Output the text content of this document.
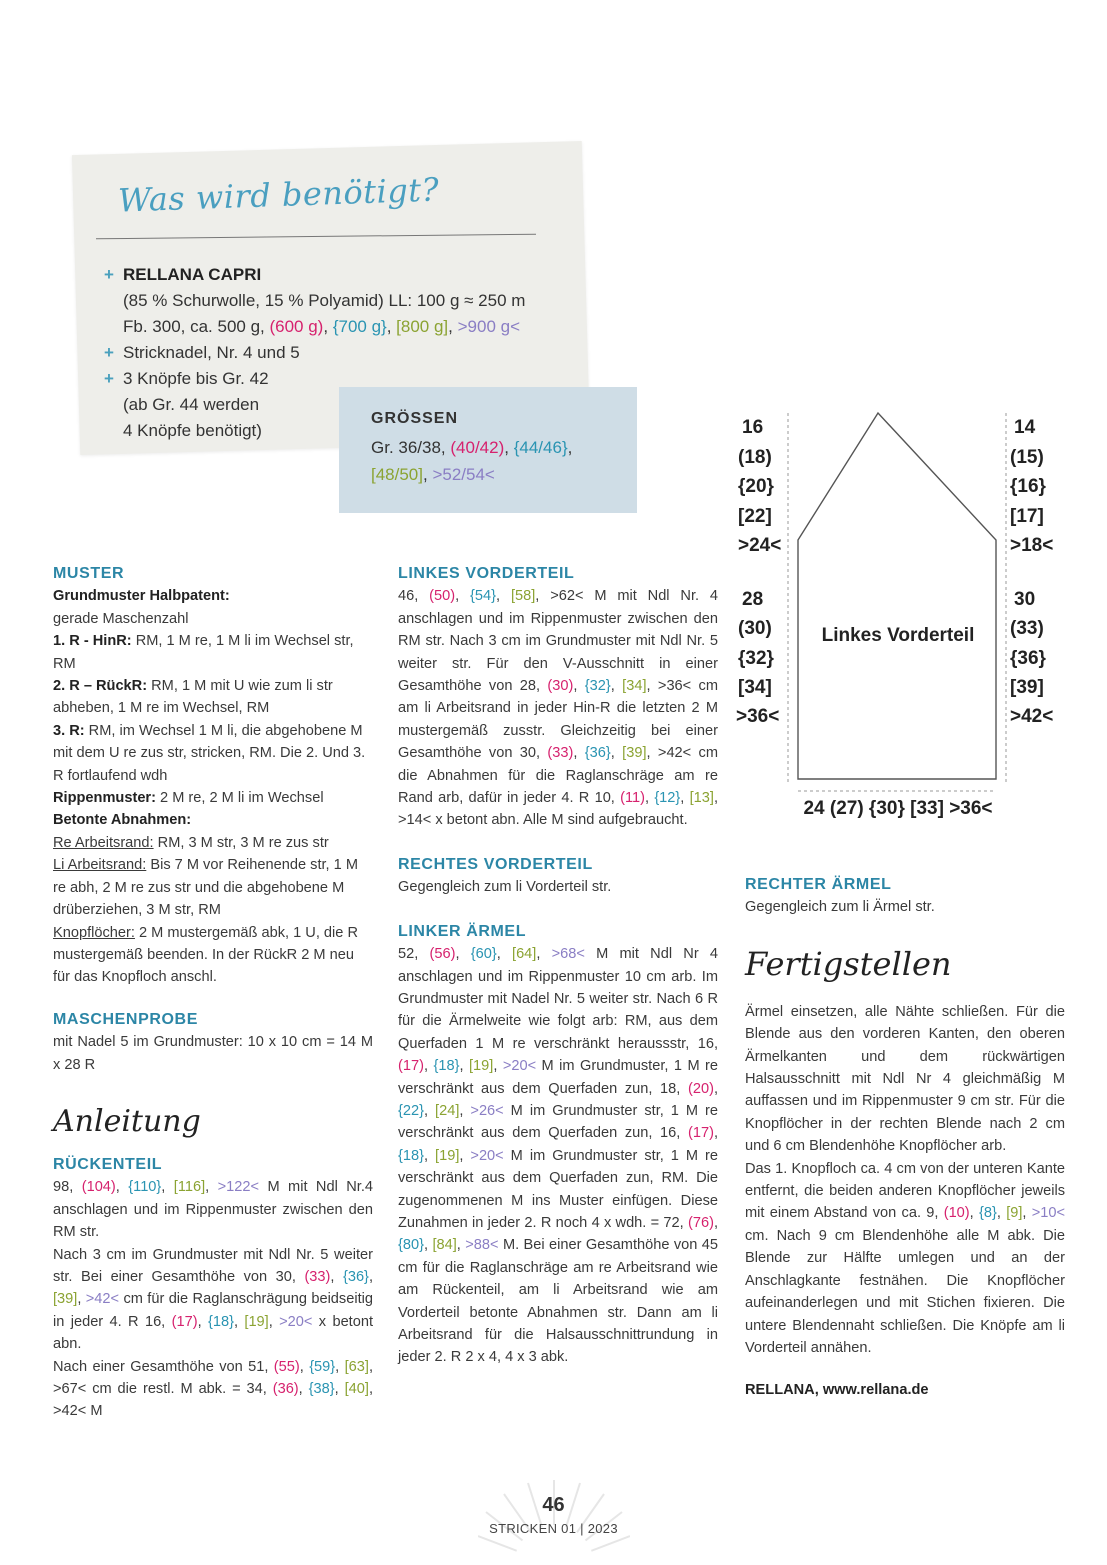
Was wird benötigt?
+ RELLANA CAPRI
(85 % Schurwolle, 15 % Polyamid) LL: 100 g ≈ 250 m
Fb. 300, ca. 500 g, (600 g), {700 g}, [800 g], >900 g<
+ Stricknadel, Nr. 4 und 5
+ 3 Knöpfe bis Gr. 42
(ab Gr. 44 werden
4 Knöpfe benötigt)
GRÖSSEN
Gr. 36/38, (40/42), {44/46},
[48/50], >52/54<
Linkes Vorderteil
16
(18)
{20}
[22]
>24<
28
(30)
{32}
[34]
>36<
14
(15)
{16}
[17]
>18<
30
(33)
{36}
[39]
>42<
24 (27) {30} [33] >36<

MUSTER

Grundmuster Halbpatent:

gerade Maschenzahl

1. R - HinR: RM, 1 M re, 1 M li im Wechsel str, RM

2. R – RückR: RM, 1 M mit U wie zum li str abheben, 1 M re im Wechsel, RM

3. R: RM, im Wechsel 1 M li, die abgehobene M mit dem U re zus str, stricken, RM. Die 2. Und 3. R fortlaufend wdh

Rippenmuster: 2 M re, 2 M li im Wechsel

Betonte Abnahmen:

Re Arbeitsrand: RM, 3 M str, 3 M re zus str

Li Arbeitsrand: Bis 7 M vor Reihenende str, 1 M re abh, 2 M re zus str und die abgehobene M drüberziehen, 3 M str, RM

Knopflöcher: 2 M mustergemäß abk, 1 U, die R mustergemäß beenden. In der RückR 2 M neu für das Knopfloch anschl.

MASCHENPROBE

mit Nadel 5 im Grundmuster: 10 x 10 cm = 14 M x 28 R

Anleitung

RÜCKENTEIL

98, (104), {110}, [116], >122< M mit Ndl Nr.4 anschlagen und im Rippenmuster zwischen den RM str.

Nach 3 cm im Grundmuster mit Ndl Nr. 5 weiter str. Bei einer Gesamthöhe von 30, (33), {36}, [39], >42< cm für die Raglanschrägung beidseitig in jeder 4. R 16, (17), {18}, [19], >20< x betont abn.

Nach einer Gesamthöhe von 51, (55), {59}, [63], >67< cm die restl. M abk. = 34, (36), {38}, [40], >42< M

LINKES VORDERTEIL

46, (50), {54}, [58], >62< M mit Ndl Nr. 4 anschlagen und im Rippenmuster zwischen den RM str. Nach 3 cm im Grundmuster mit Ndl Nr. 5 weiter str. Für den V-Ausschnitt in einer Gesamthöhe von 28, (30), {32}, [34], >36< cm am li Arbeitsrand in jeder Hin-R die letzten 2 M mustergemäß zusstr. Gleichzeitig bei einer Gesamthöhe von 30, (33), {36}, [39], >42< cm die Abnahmen für die Raglanschräge am re Rand arb, dafür in jeder 4. R 10, (11), {12}, [13], >14< x betont abn. Alle M sind aufgebraucht.

RECHTES VORDERTEIL

Gegengleich zum li Vorderteil str.

LINKER ÄRMEL

52, (56), {60}, [64], >68< M mit Ndl Nr 4 anschlagen und im Rippenmuster 10 cm arb. Im Grundmuster mit Nadel Nr. 5 weiter str. Nach 6 R für die Ärmelweite wie folgt arb: RM, aus dem Querfaden 1 M re verschränkt heraussstr, 16, (17), {18}, [19], >20< M im Grundmuster, 1 M re verschränkt aus dem Querfaden zun, 18, (20), {22}, [24], >26< M im Grundmuster str, 1 M re verschränkt aus dem Querfaden zun, 16, (17), {18}, [19], >20< M im Grundmuster str, 1 M re verschränkt aus dem Querfaden zun, RM. Die zugenommenen M ins Muster einfügen. Diese Zunahmen in jeder 2. R noch 4 x wdh. = 72, (76), {80}, [84], >88< M. Bei einer Gesamthöhe von 45 cm für die Raglanschräge am re Arbeitsrand wie am Rückenteil, am li Arbeitsrand wie am Vorderteil betonte Abnahmen str. Dann am li Arbeitsrand für die Halsausschnittrundung in jeder 2. R 2 x 4, 4 x 3 abk.

RECHTER ÄRMEL

Gegengleich zum li Ärmel str.

Fertigstellen

Ärmel einsetzen, alle Nähte schließen. Für die Blende aus den vorderen Kanten, den oberen Ärmelkanten und dem rückwärtigen Halsausschnitt mit Ndl Nr 4 gleichmäßig M auffassen und im Rippenmuster 9 cm str. Für die Knopflöcher in der rechten Blende nach 2 cm und 6 cm Blendenhöhe Knopflöcher arb.

Das 1. Knopfloch ca. 4 cm von der unteren Kante entfernt, die beiden anderen Knopflöcher jeweils mit einem Abstand von ca. 9, (10), {8}, [9], >10< cm. Nach 9 cm Blendenhöhe alle M abk. Die Blende zur Hälfte umlegen und an der Anschlagkante festnähen. Die Knopflöcher aufeinanderlegen und mit Stichen fixieren. Die untere Blendennaht schließen. Die Knöpfe am li Vorderteil annähen.

RELLANA, www.rellana.de

46
STRICKEN 01 | 2023
